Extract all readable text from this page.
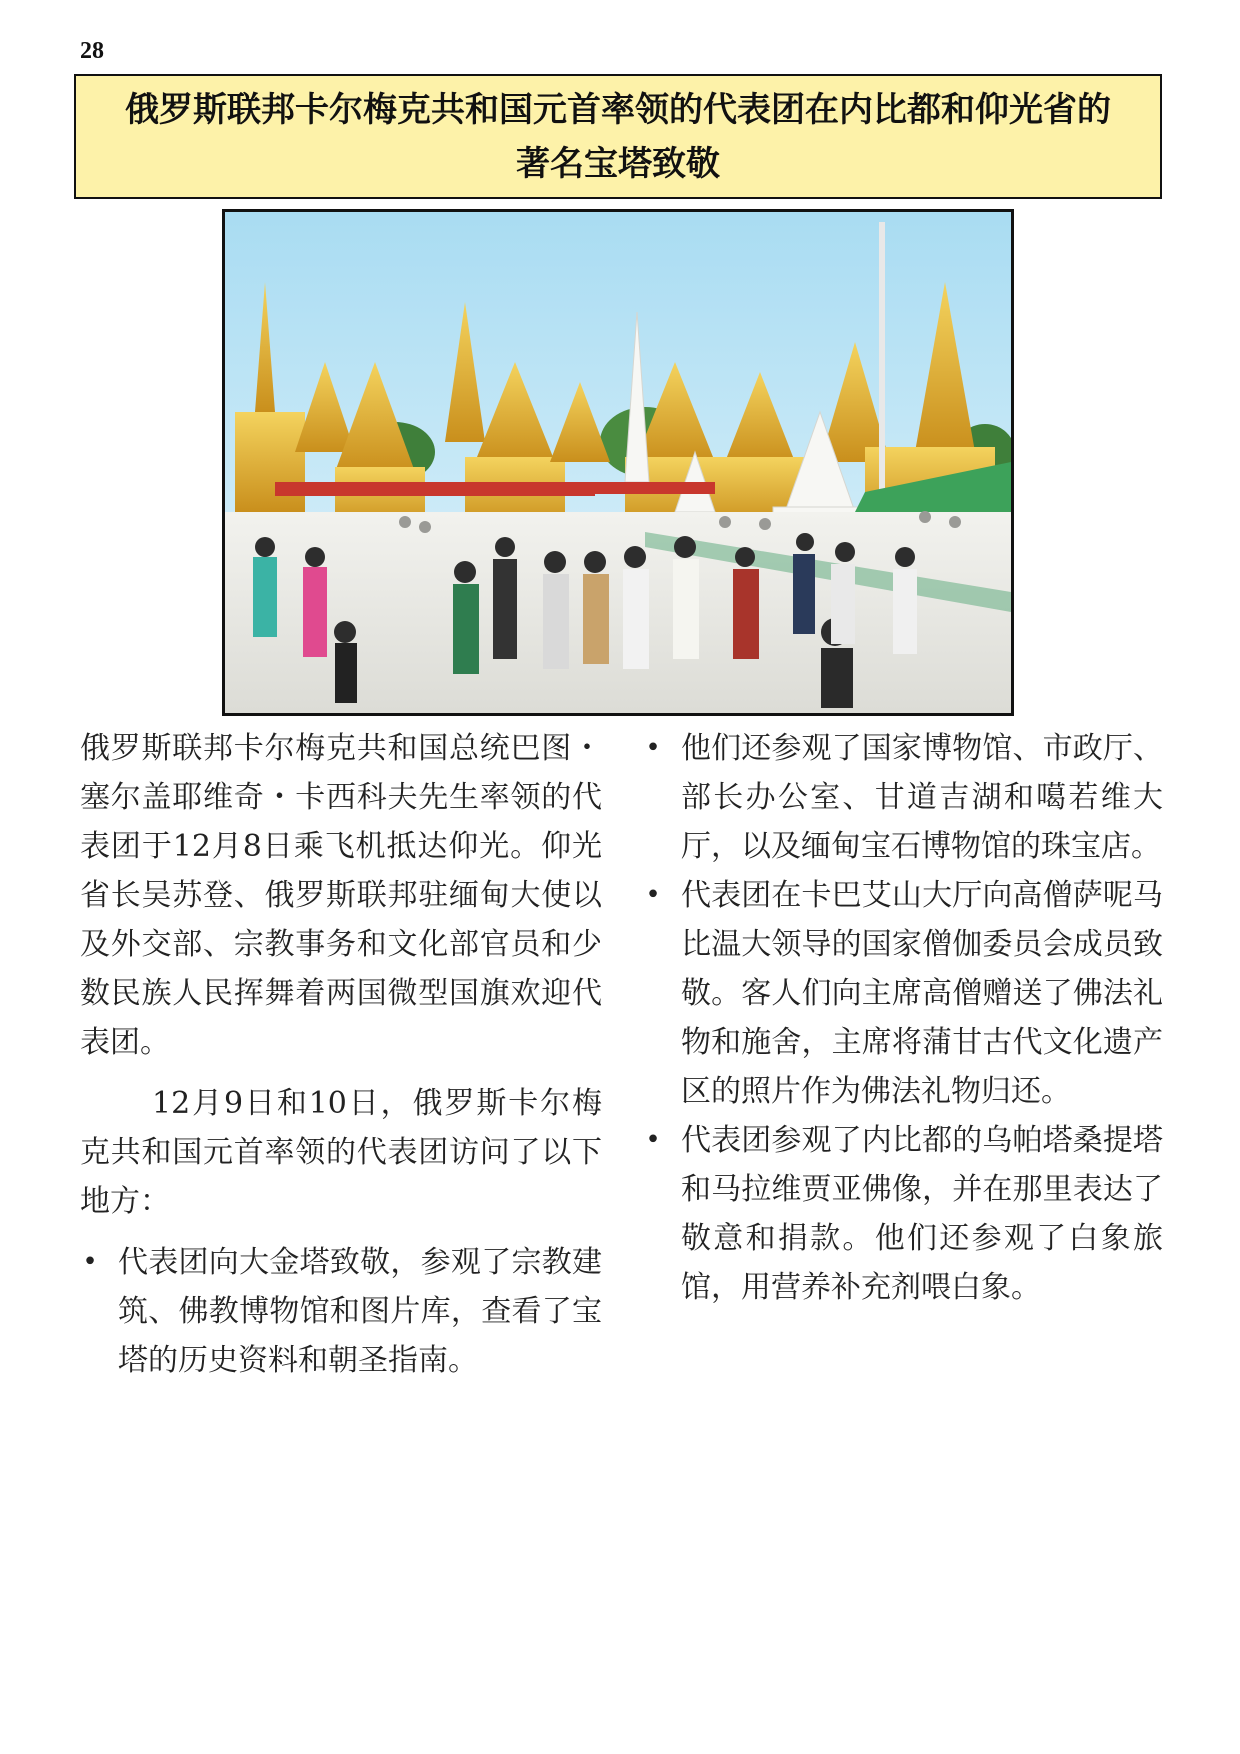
28
俄罗斯联邦卡尔梅克共和国元首率领的代表团在内比都和仰光省的著名宝塔致敬

俄罗斯联邦卡尔梅克共和国总统巴图・塞尔盖耶维奇・卡西科夫先生率领的代表团于12月8日乘飞机抵达仰光。仰光省长吴苏登、俄罗斯联邦驻缅甸大使以及外交部、宗教事务和文化部官员和少数民族人民挥舞着两国微型国旗欢迎代表团。

12月9日和10日，俄罗斯卡尔梅克共和国元首率领的代表团访问了以下地方：

• 代表团向大金塔致敬，参观了宗教建筑、佛教博物馆和图片库，查看了宝塔的历史资料和朝圣指南。
• 他们还参观了国家博物馆、市政厅、部长办公室、甘道吉湖和噶若维大厅，以及缅甸宝石博物馆的珠宝店。
• 代表团在卡巴艾山大厅向高僧萨呢马比温大领导的国家僧伽委员会成员致敬。客人们向主席高僧赠送了佛法礼物和施舍，主席将蒲甘古代文化遗产区的照片作为佛法礼物归还。
• 代表团参观了内比都的乌帕塔桑提塔和马拉维贾亚佛像，并在那里表达了敬意和捐款。他们还参观了白象旅馆，用营养补充剂喂白象。
